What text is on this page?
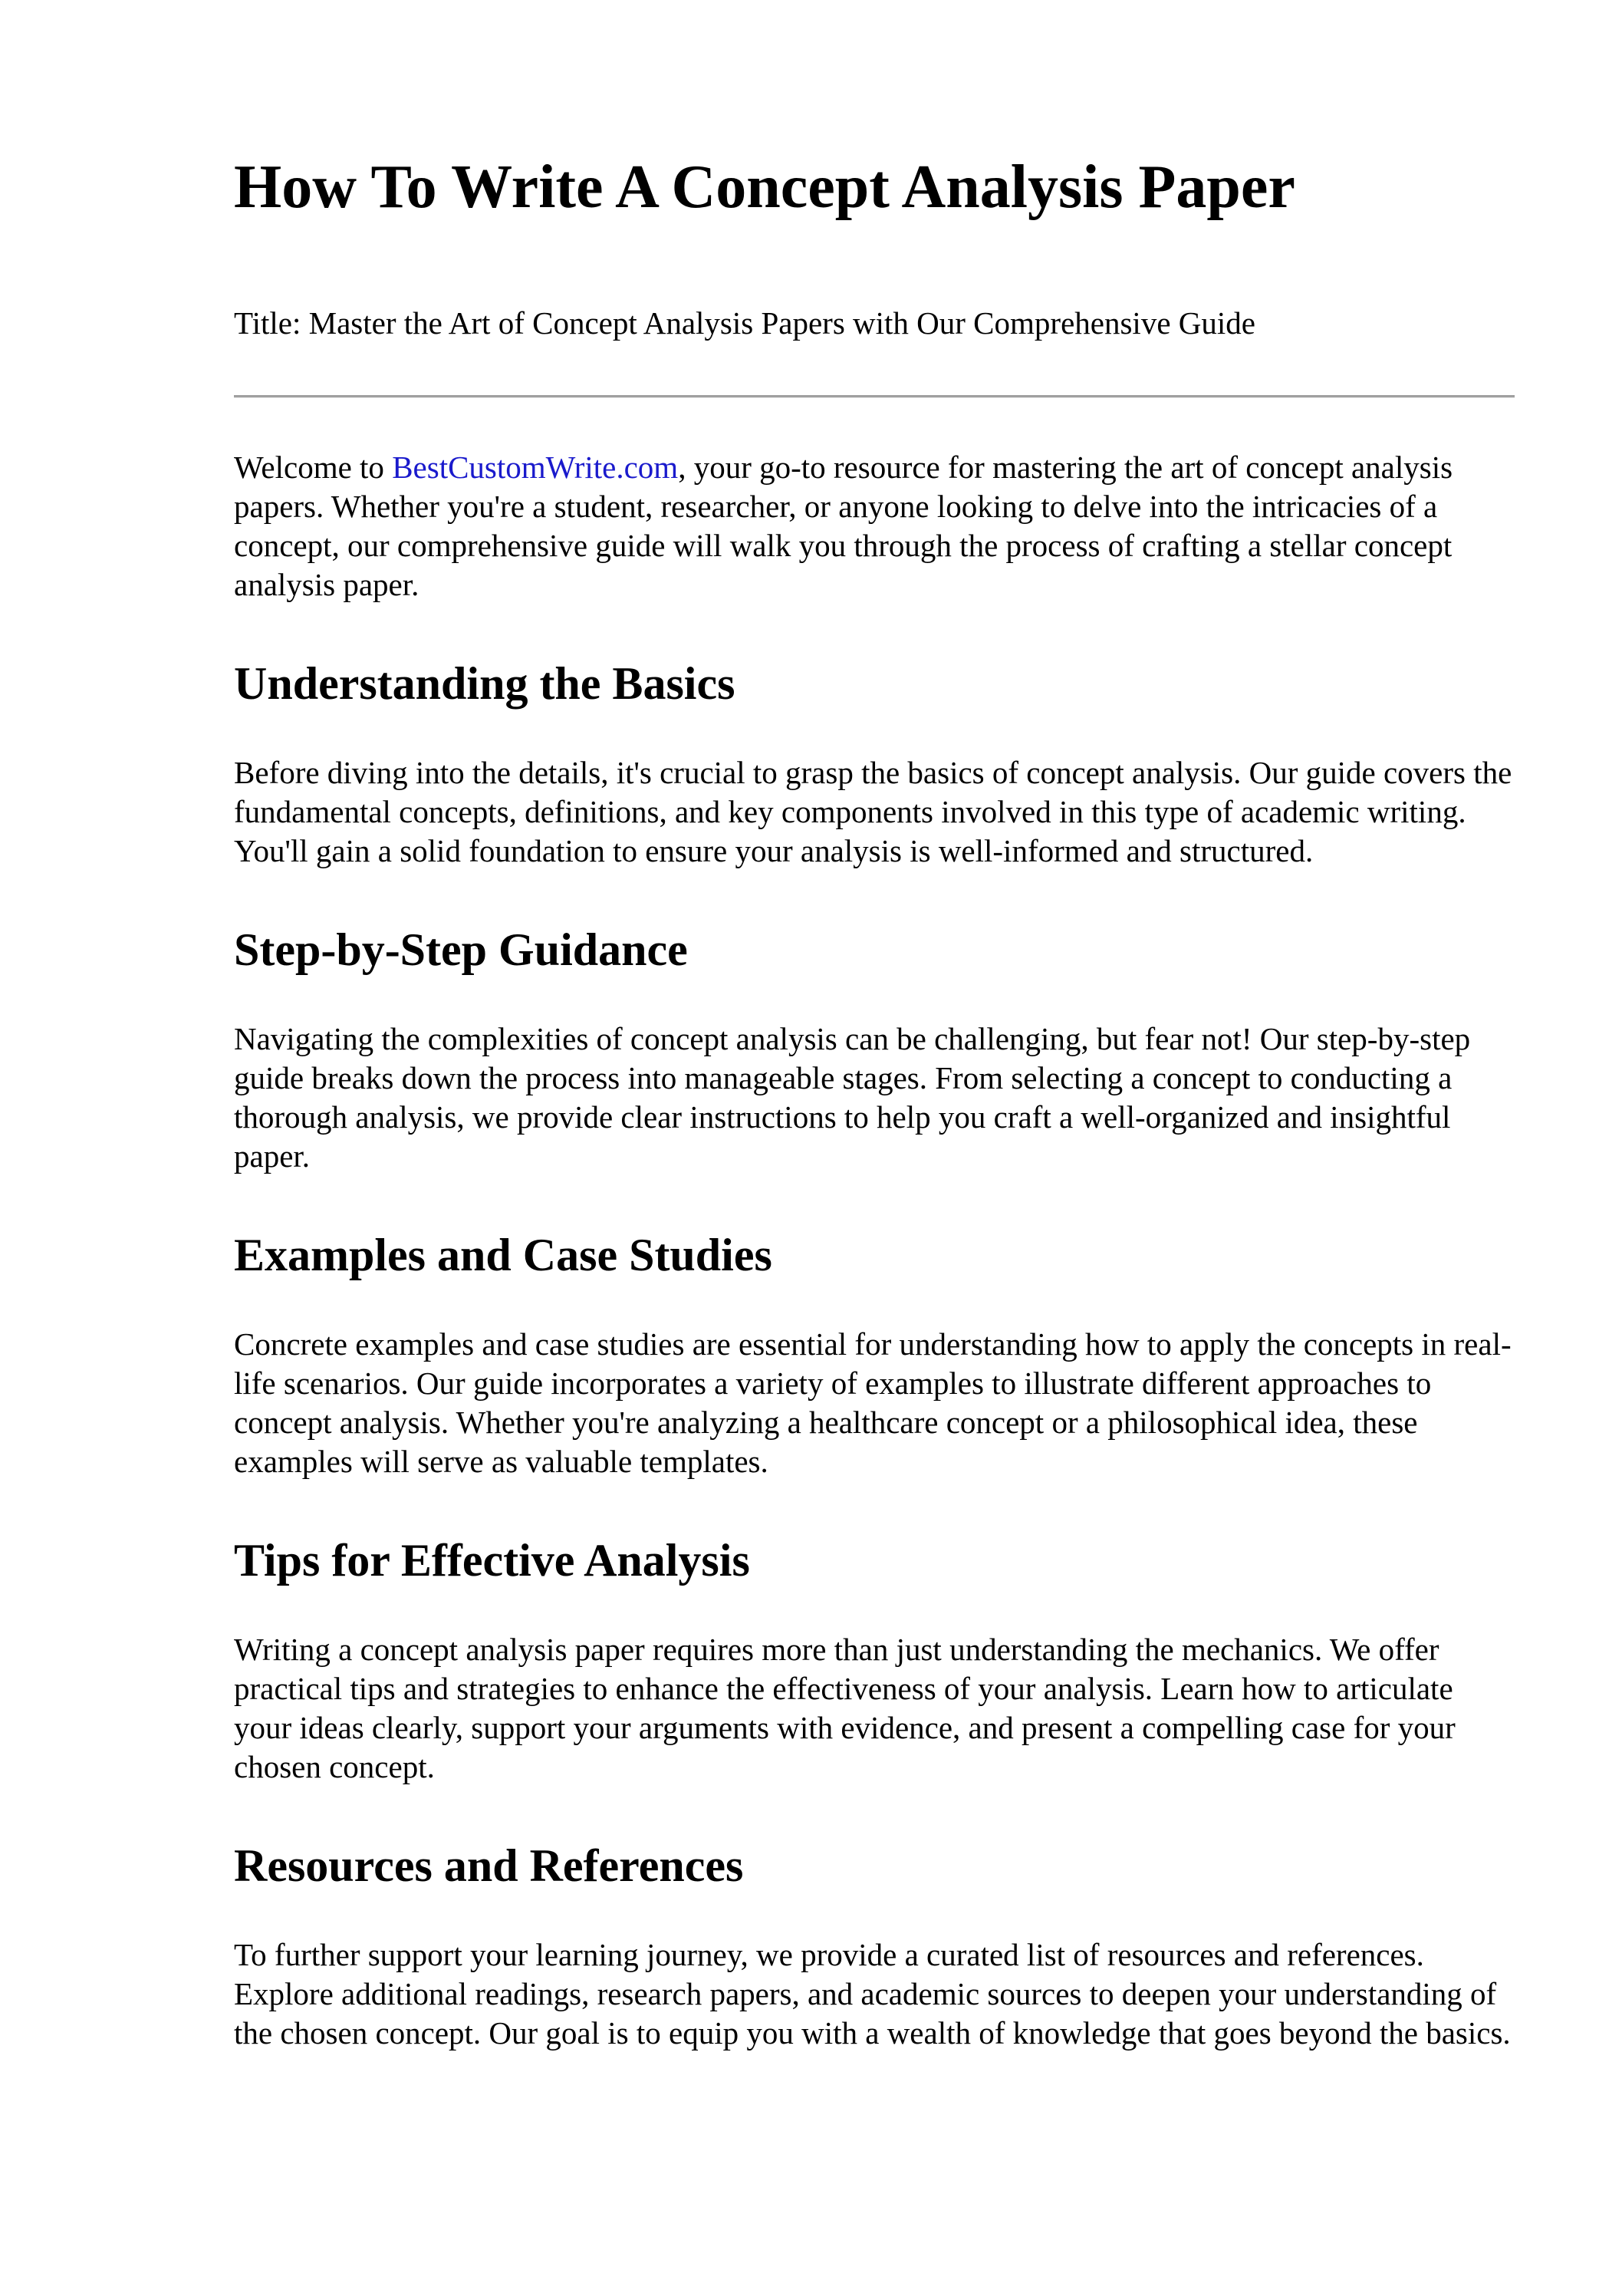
How To Write A Concept Analysis Paper

Title: Master the Art of Concept Analysis Papers with Our Comprehensive Guide

Welcome to BestCustomWrite.com, your go-to resource for mastering the art of concept analysis papers. Whether you're a student, researcher, or anyone looking to delve into the intricacies of a concept, our comprehensive guide will walk you through the process of crafting a stellar concept analysis paper.

Understanding the Basics

Before diving into the details, it's crucial to grasp the basics of concept analysis. Our guide covers the fundamental concepts, definitions, and key components involved in this type of academic writing. You'll gain a solid foundation to ensure your analysis is well-informed and structured.

Step-by-Step Guidance

Navigating the complexities of concept analysis can be challenging, but fear not! Our step-by-step guide breaks down the process into manageable stages. From selecting a concept to conducting a thorough analysis, we provide clear instructions to help you craft a well-organized and insightful paper.

Examples and Case Studies

Concrete examples and case studies are essential for understanding how to apply the concepts in real-life scenarios. Our guide incorporates a variety of examples to illustrate different approaches to concept analysis. Whether you're analyzing a healthcare concept or a philosophical idea, these examples will serve as valuable templates.

Tips for Effective Analysis

Writing a concept analysis paper requires more than just understanding the mechanics. We offer practical tips and strategies to enhance the effectiveness of your analysis. Learn how to articulate your ideas clearly, support your arguments with evidence, and present a compelling case for your chosen concept.

Resources and References

To further support your learning journey, we provide a curated list of resources and references. Explore additional readings, research papers, and academic sources to deepen your understanding of the chosen concept. Our goal is to equip you with a wealth of knowledge that goes beyond the basics.
